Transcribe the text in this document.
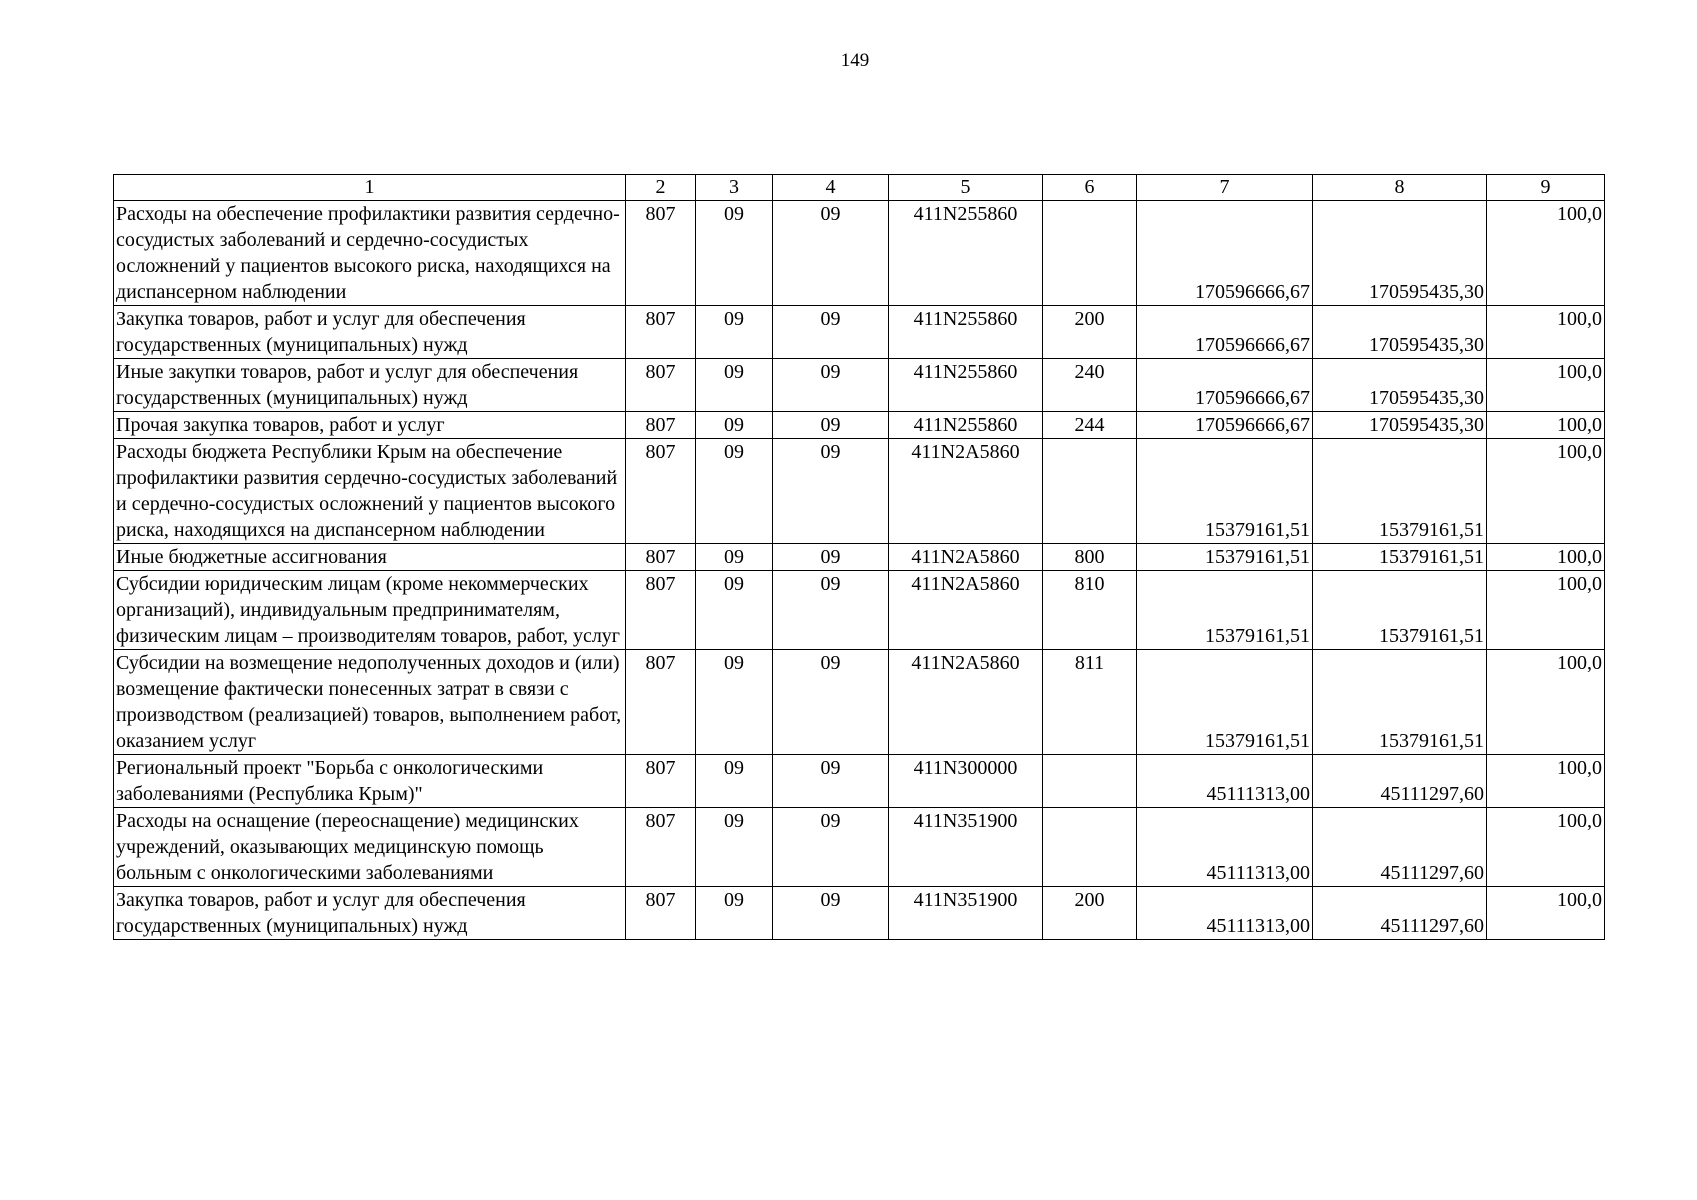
149
1	2	3	4	5	6	7	8	9
Расходы на обеспечение профилактики развития сердечно-сосудистых заболеваний и сердечно-сосудистых осложнений у пациентов высокого риска, находящихся на диспансерном наблюдении	807	09	09	411N255860		170596666,67	170595435,30	100,0
Закупка товаров, работ и услуг для обеспечения государственных (муниципальных) нужд	807	09	09	411N255860	200	170596666,67	170595435,30	100,0
Иные закупки товаров, работ и услуг для обеспечения государственных (муниципальных) нужд	807	09	09	411N255860	240	170596666,67	170595435,30	100,0
Прочая закупка товаров, работ и услуг	807	09	09	411N255860	244	170596666,67	170595435,30	100,0
Расходы бюджета Республики Крым на обеспечение профилактики развития сердечно-сосудистых заболеваний и сердечно-сосудистых осложнений у пациентов высокого риска, находящихся на диспансерном наблюдении	807	09	09	411N2A5860		15379161,51	15379161,51	100,0
Иные бюджетные ассигнования	807	09	09	411N2A5860	800	15379161,51	15379161,51	100,0
Субсидии юридическим лицам (кроме некоммерческих организаций), индивидуальным предпринимателям, физическим лицам – производителям товаров, работ, услуг	807	09	09	411N2A5860	810	15379161,51	15379161,51	100,0
Субсидии на возмещение недополученных доходов и (или) возмещение фактически понесенных затрат в связи с производством (реализацией) товаров, выполнением работ, оказанием услуг	807	09	09	411N2A5860	811	15379161,51	15379161,51	100,0
Региональный проект "Борьба с онкологическими заболеваниями (Республика Крым)"	807	09	09	411N300000		45111313,00	45111297,60	100,0
Расходы на оснащение (переоснащение) медицинских учреждений, оказывающих медицинскую помощь больным с онкологическими заболеваниями	807	09	09	411N351900		45111313,00	45111297,60	100,0
Закупка товаров, работ и услуг для обеспечения государственных (муниципальных) нужд	807	09	09	411N351900	200	45111313,00	45111297,60	100,0
